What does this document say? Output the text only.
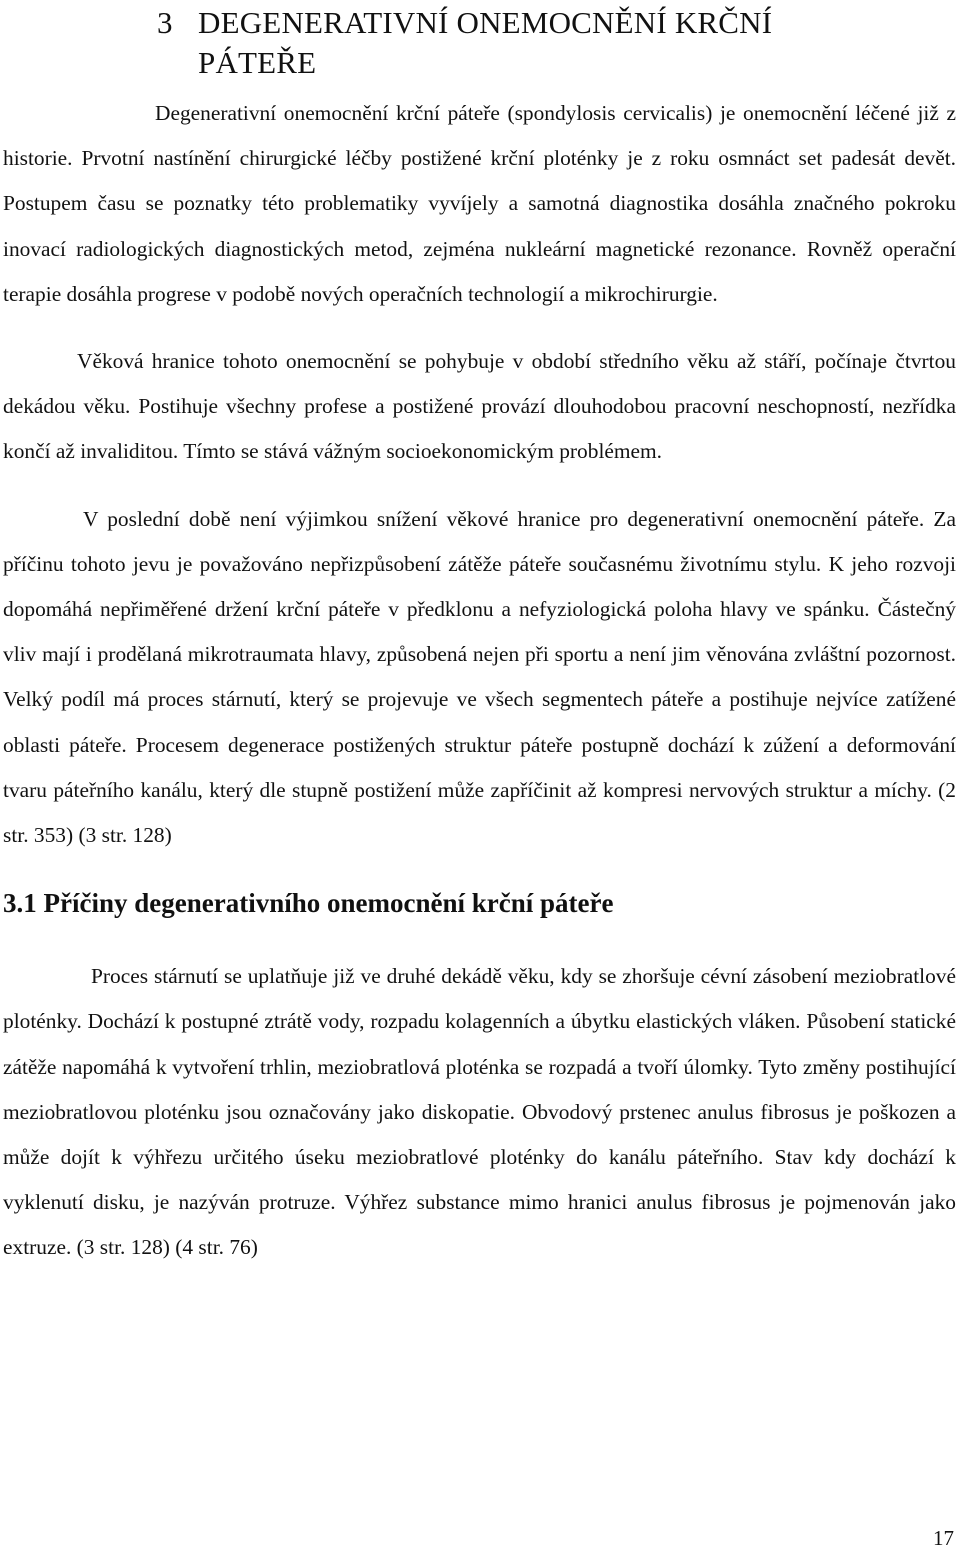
3 DEGENERATIVNÍ ONEMOCNĚNÍ KRČNÍ PÁTEŘE

Degenerativní onemocnění krční páteře (spondylosis cervicalis) je onemocnění léčené již z historie. Prvotní nastínění chirurgické léčby postižené krční ploténky je z roku osmnáct set padesát devět. Postupem času se poznatky této problematiky vyvíjely a samotná diagnostika dosáhla značného pokroku inovací radiologických diagnostických metod, zejména nukleární magnetické rezonance. Rovněž operační terapie dosáhla progrese v podobě nových operačních technologií a mikrochirurgie.

Věková hranice tohoto onemocnění se pohybuje v období středního věku až stáří, počínaje čtvrtou dekádou věku. Postihuje všechny profese a postižené provází dlouhodobou pracovní neschopností, nezřídka končí až invaliditou. Tímto se stává vážným socioekonomickým problémem.

V poslední době není výjimkou snížení věkové hranice pro degenerativní onemocnění páteře. Za příčinu tohoto jevu je považováno nepřizpůsobení zátěže páteře současnému životnímu stylu. K jeho rozvoji dopomáhá nepřiměřené držení krční páteře v předklonu a nefyziologická poloha hlavy ve spánku. Částečný vliv mají i prodělaná mikrotraumata hlavy, způsobená nejen při sportu a není jim věnována zvláštní pozornost. Velký podíl má proces stárnutí, který se projevuje ve všech segmentech páteře a postihuje nejvíce zatížené oblasti páteře. Procesem degenerace postižených struktur páteře postupně dochází k zúžení a deformování tvaru páteřního kanálu, který dle stupně postižení může zapříčinit až kompresi nervových struktur a míchy. (2 str. 353) (3 str. 128)

3.1 Příčiny degenerativního onemocnění krční páteře

Proces stárnutí se uplatňuje již ve druhé dekádě věku, kdy se zhoršuje cévní zásobení meziobratlové ploténky. Dochází k postupné ztrátě vody, rozpadu kolagenních a úbytku elastických vláken. Působení statické zátěže napomáhá k vytvoření trhlin, meziobratlová ploténka se rozpadá a tvoří úlomky. Tyto změny postihující meziobratlovou ploténku jsou označovány jako diskopatie. Obvodový prstenec anulus fibrosus je poškozen a může dojít k výhřezu určitého úseku meziobratlové ploténky do kanálu páteřního. Stav kdy dochází k vyklenutí disku, je nazýván protruze. Výhřez substance mimo hranici anulus fibrosus je pojmenován jako extruze. (3 str. 128) (4 str. 76)

17
